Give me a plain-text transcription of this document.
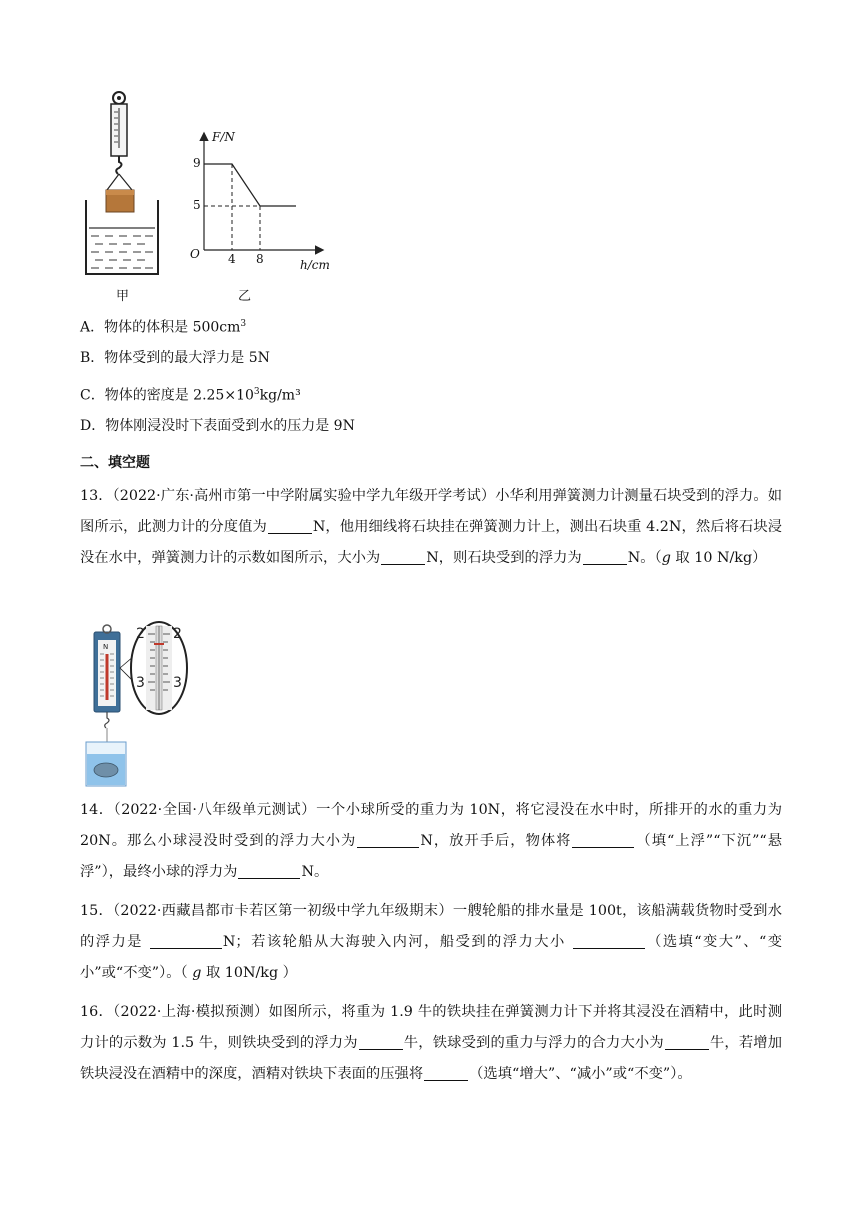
甲
F/N
9
5
O 4 8	h/cm
乙
A．物体的体积是 $500cm^3$
B．物体受到的最大浮力是 5N
C．物体的密度是 $2.25\times 10^3kg/m^3$
D．物体刚浸没时下表面受到水的压力是 9N
二、填空题
13．（2022·广东·高州市第一中学附属实验中学九年级开学考试）小华利用弹簧测力计测量石块受到的浮力。如图所示，此测力计的分度值为	N，他用细线将石块挂在弹簧测力计上，测出石块重 4.2N，然后将石块浸没在水中，弹簧测力计的示数如图所示，大小为	N，则石块受到的浮力为	N。（g 取 10 N/kg）
N
2 2
3 3
14．（2022·全国·八年级单元测试）一个小球所受的重力为 10N，将它浸没在水中时，所排开的水的重力为 20N。那么小球浸没时受到的浮力大小为	N，放开手后，物体将	（填“上浮”“下沉”“悬浮”），最终小球的浮力为	N。
15．（2022·西藏昌都市卡若区第一初级中学九年级期末）一艘轮船的排水量是 100t，该船满载货物时受到水的浮力是	N；若该轮船从大海驶入内河，船受到的浮力大小	（选填“变大”、“变小”或“不变”）。（ g 取 10N/kg ）
16．（2022·上海·模拟预测）如图所示，将重为 1.9 牛的铁块挂在弹簧测力计下并将其浸没在酒精中，此时测力计的示数为 1.5 牛，则铁块受到的浮力为	牛，铁球受到的重力与浮力的合力大小为	牛，若增加铁块浸没在酒精中的深度，酒精对铁块下表面的压强将	（选填“增大”、“减小”或“不变”）。
